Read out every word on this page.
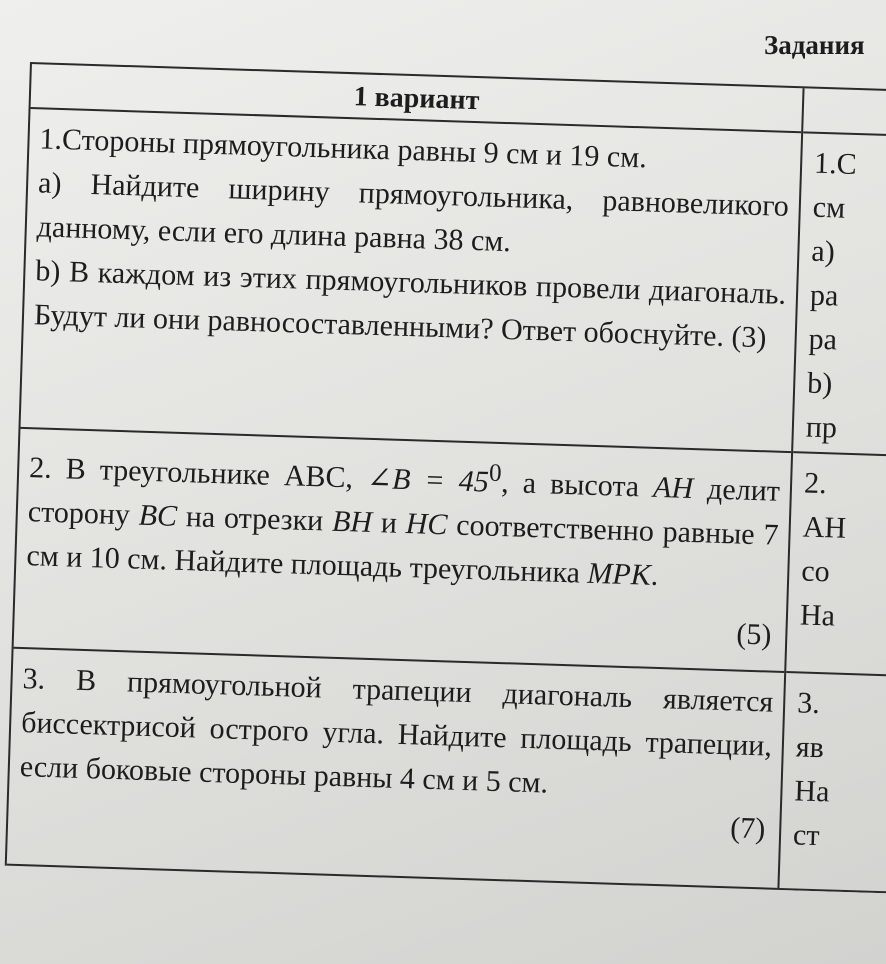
Задания
1 вариант
1.Стороны прямоугольника равны 9 см и 19 см.
а) Найдите ширину прямоугольника, равновеликого данному, если его длина равна 38 см.
b) В каждом из этих прямоугольников провели диагональ. Будут ли они равносоставленными? Ответ обоснуйте. (3)
2. В треугольнике АВС, ∠B = $45^0$, а высота AH делит сторону BC на отрезки BH и HC соответственно равные 7 см и 10 см. Найдите площадь треугольника MPK.
(5)
3. В прямоугольной трапеции диагональ является биссектрисой острого угла. Найдите площадь трапеции, если боковые стороны равны 4 см и 5 см.
(7)
1.С
см
а)
ра
ра
b)
пр
2.
АН
со
На
3.
яв
На
ст
